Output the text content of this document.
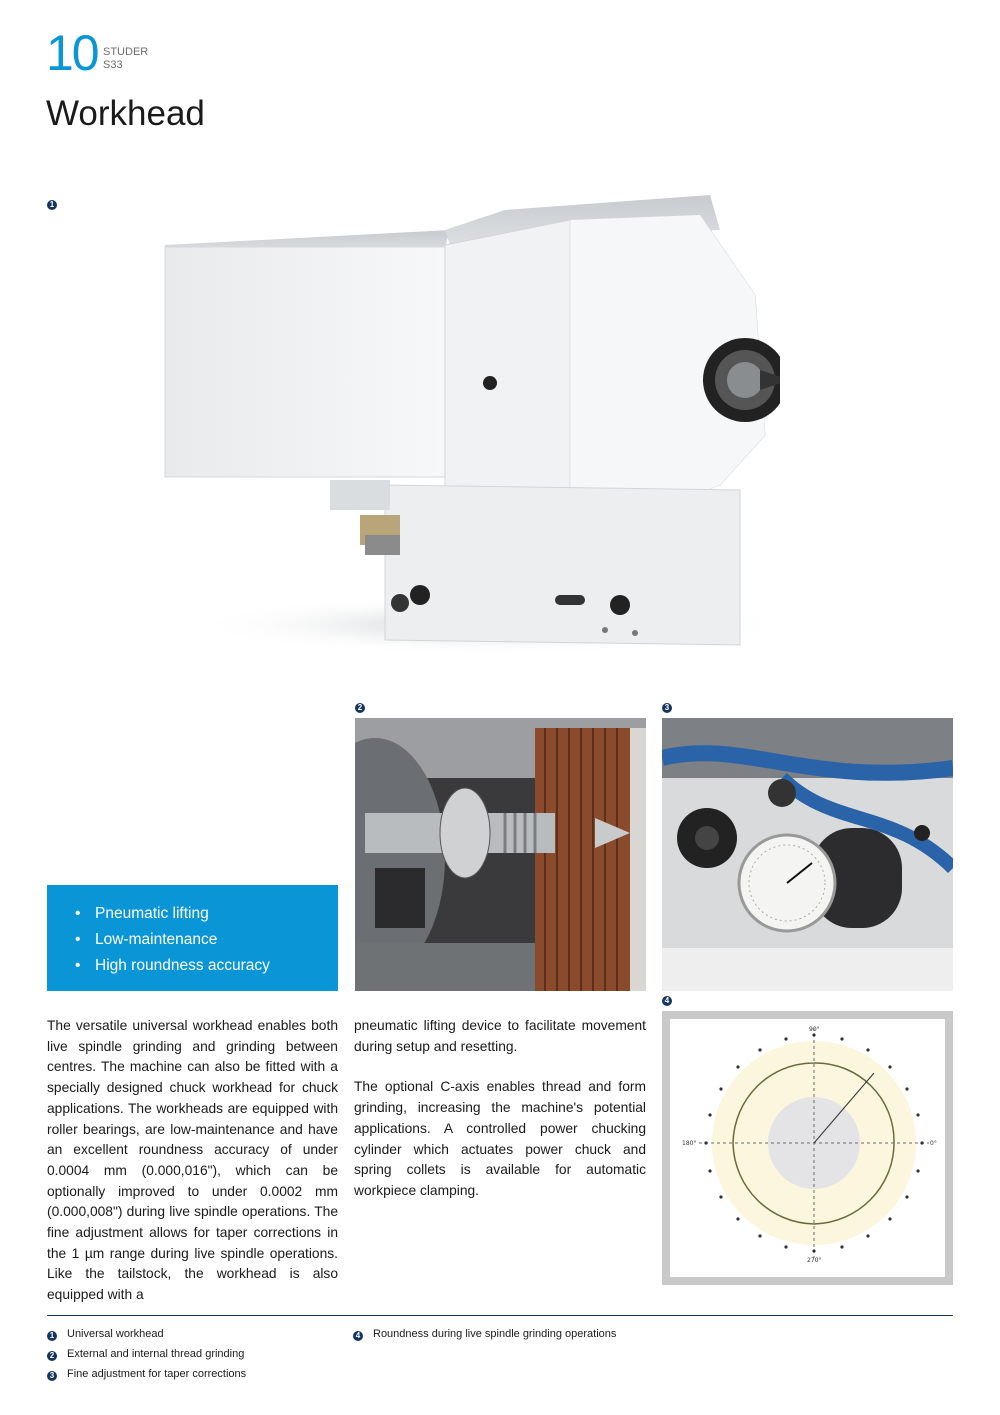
10 STUDER
S33
Workhead
1
2	3
4
90°
180°	0°
270°
• Pneumatic lifting
• Low-maintenance
• High roundness accuracy

The versatile universal workhead enables both live spindle grinding and grinding between centres. The machine can also be fitted with a specially designed chuck workhead for chuck applications. The workheads are equipped with roller bearings, are low-maintenance and have an excellent roundness accuracy of under 0.0004 mm (0.000,016"), which can be optionally improved to under 0.0002 mm (0.000,008") during live spindle operations. The fine adjustment allows for taper corrections in the 1 µm range during live spindle operations. Like the tailstock, the workhead is also equipped with a

pneumatic lifting device to facilitate movement during setup and resetting.

The optional C-axis enables thread and form grinding, increasing the machine's potential applications. A controlled power chucking cylinder which actuates power chuck and spring collets is available for automatic workpiece clamping.

1 Universal workhead
2 External and internal thread grinding
3 Fine adjustment for taper corrections
4 Roundness during live spindle grinding operations
